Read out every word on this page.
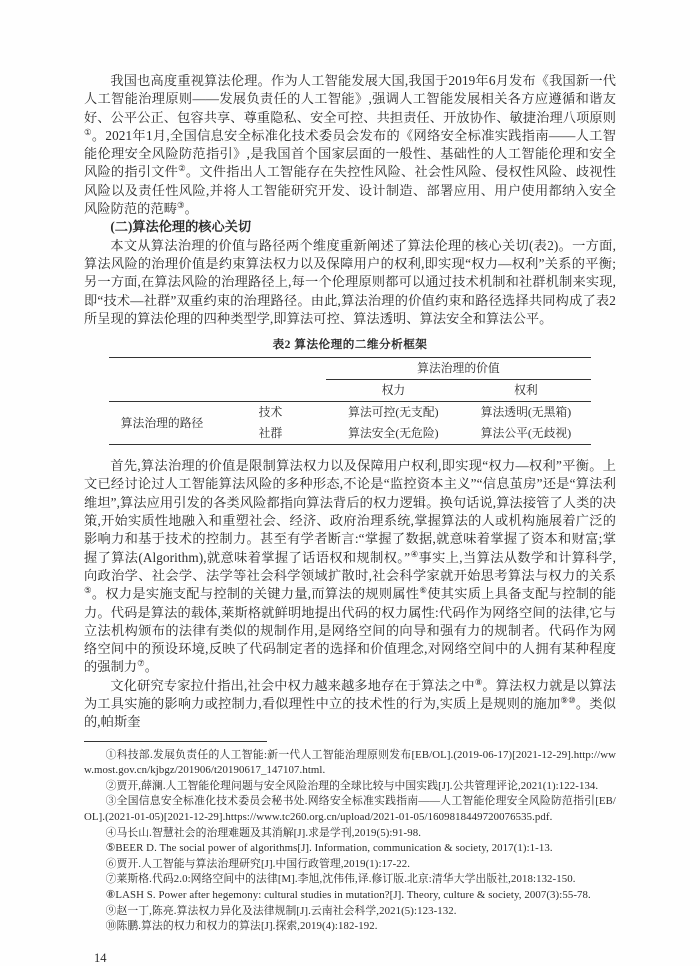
我国也高度重视算法伦理。作为人工智能发展大国,我国于2019年6月发布《我国新一代人工智能治理原则——发展负责任的人工智能》,强调人工智能发展相关各方应遵循和谐友好、公平公正、包容共享、尊重隐私、安全可控、共担责任、开放协作、敏捷治理八项原则①。2021年1月,全国信息安全标准化技术委员会发布的《网络安全标准实践指南——人工智能伦理安全风险防范指引》,是我国首个国家层面的一般性、基础性的人工智能伦理和安全风险的指引文件②。文件指出人工智能存在失控性风险、社会性风险、侵权性风险、歧视性风险以及责任性风险,并将人工智能研究开发、设计制造、部署应用、用户使用都纳入安全风险防范的范畴③。

(二)算法伦理的核心关切

本文从算法治理的价值与路径两个维度重新阐述了算法伦理的核心关切(表2)。一方面,算法风险的治理价值是约束算法权力以及保障用户的权利,即实现“权力—权利”关系的平衡;另一方面,在算法风险的治理路径上,每一个伦理原则都可以通过技术机制和社群机制来实现,即“技术—社群”双重约束的治理路径。由此,算法治理的价值约束和路径选择共同构成了表2所呈现的算法伦理的四种类型学,即算法可控、算法透明、算法安全和算法公平。

表2 算法伦理的二维分析框架
		算法治理的价值	
		权力	权利
算法治理的路径	技术	算法可控(无支配)	算法透明(无黑箱)
	社群	算法安全(无危险)	算法公平(无歧视)

首先,算法治理的价值是限制算法权力以及保障用户权利,即实现“权力—权利”平衡。上文已经讨论过人工智能算法风险的多种形态,不论是“监控资本主义”“信息茧房”还是“算法利维坦”,算法应用引发的各类风险都指向算法背后的权力逻辑。换句话说,算法接管了人类的决策,开始实质性地融入和重塑社会、经济、政府治理系统,掌握算法的人或机构施展着广泛的影响力和基于技术的控制力。甚至有学者断言:“掌握了数据,就意味着掌握了资本和财富;掌握了算法(Algorithm),就意味着掌握了话语权和规制权。”④事实上,当算法从数学和计算科学,向政治学、社会学、法学等社会科学领域扩散时,社会科学家就开始思考算法与权力的关系⑤。权力是实施支配与控制的关键力量,而算法的规则属性⑥使其实质上具备支配与控制的能力。代码是算法的载体,莱斯格就鲜明地提出代码的权力属性:代码作为网络空间的法律,它与立法机构颁布的法律有类似的规制作用,是网络空间的向导和强有力的规制者。代码作为网络空间中的预设环境,反映了代码制定者的选择和价值理念,对网络空间中的人拥有某种程度的强制力⑦。

文化研究专家拉什指出,社会中权力越来越多地存在于算法之中⑧。算法权力就是以算法为工具实施的影响力或控制力,看似理性中立的技术性的行为,实质上是规则的施加⑨⑩。类似的,帕斯奎

①科技部.发展负责任的人工智能:新一代人工智能治理原则发布[EB/OL].(2019-06-17)[2021-12-29].http://www.most.gov.cn/kjbgz/201906/t20190617_147107.html.
②贾开,薛澜.人工智能伦理问题与安全风险治理的全球比较与中国实践[J].公共管理评论,2021(1):122-134.
③全国信息安全标准化技术委员会秘书处.网络安全标准实践指南——人工智能伦理安全风险防范指引[EB/OL].(2021-01-05)[2021-12-29].https://www.tc260.org.cn/upload/2021-01-05/1609818449720076535.pdf.
④马长山.智慧社会的治理难题及其消解[J].求是学刊,2019(5):91-98.
⑤BEER D. The social power of algorithms[J]. Information, communication & society, 2017(1):1-13.
⑥贾开.人工智能与算法治理研究[J].中国行政管理,2019(1):17-22.
⑦莱斯格.代码2.0:网络空间中的法律[M].李旭,沈伟伟,译.修订版.北京:清华大学出版社,2018:132-150.
⑧LASH S. Power after hegemony: cultural studies in mutation?[J]. Theory, culture & society, 2007(3):55-78.
⑨赵一丁,陈亮.算法权力异化及法律规制[J].云南社会科学,2021(5):123-132.
⑩陈鹏.算法的权力和权力的算法[J].探索,2019(4):182-192.
14
